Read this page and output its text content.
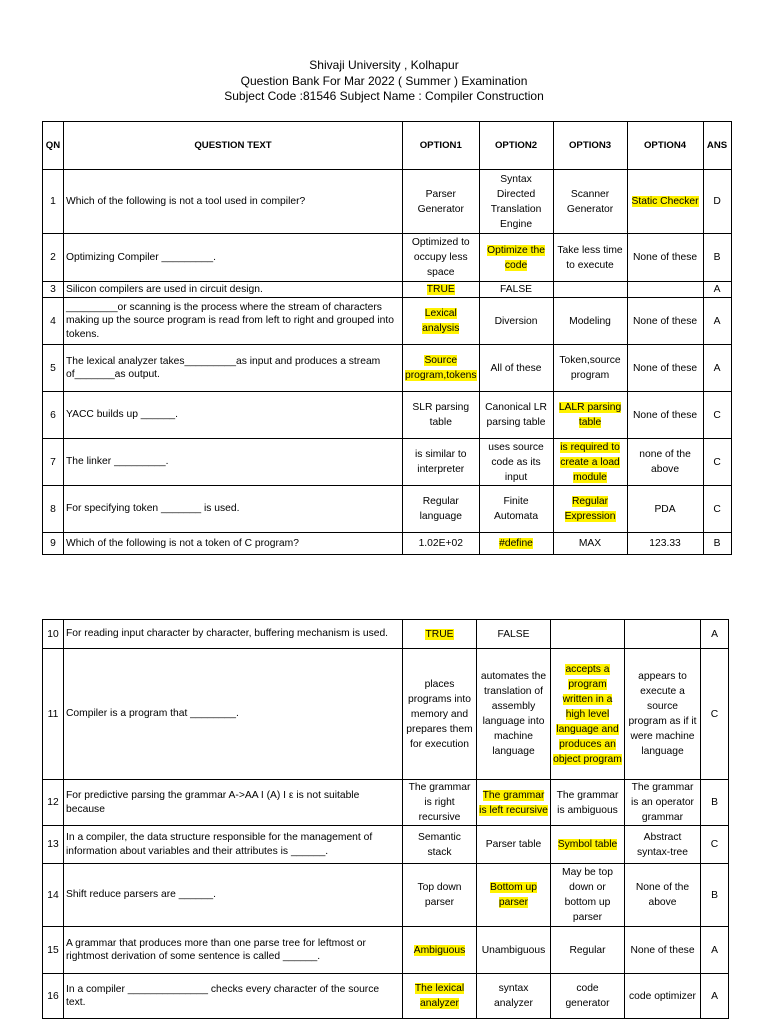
Shivaji University , Kolhapur
Question Bank For Mar 2022 ( Summer ) Examination
Subject Code :81546 Subject Name : Compiler Construction
QN	QUESTION TEXT	OPTION1	OPTION2	OPTION3	OPTION4	ANS
1	Which of the following is not a tool used in compiler?	Parser Generator	Syntax Directed Translation Engine	Scanner Generator	Static Checker	D
2	Optimizing Compiler _________.	Optimized to occupy less space	Optimize the code	Take less time to execute	None of these	B
3	Silicon compilers are used in circuit design.	TRUE	FALSE			A
4	_________or scanning is the process where the stream of characters making up the source program is read from left to right and grouped into tokens.	Lexical analysis	Diversion	Modeling	None of these	A
5	The lexical analyzer takes_________as input and produces a stream of_______as output.	Source program,tokens	All of these	Token,source program	None of these	A
6	YACC builds up ______.	SLR parsing table	Canonical LR parsing table	LALR parsing table	None of these	C
7	The linker _________.	is similar to interpreter	uses source code as its input	is required to create a load module	none of the above	C
8	For specifying token _______ is used.	Regular language	Finite Automata	Regular Expression	PDA	C
9	Which of the following is not a token of C program?	1.02E+02	#define	MAX	123.33	B
10	For reading input character by character, buffering mechanism is used.	TRUE	FALSE			A
11	Compiler is a program that ________.	places programs into memory and prepares them for execution	automates the translation of assembly language into machine language	accepts a program written in a high level language and produces an object program	appears to execute a source program as if it were machine language	C
12	For predictive parsing the grammar A->AA I (A) I ε is not suitable because	The grammar is right recursive	The grammar is left recursive	The grammar is ambiguous	The grammar is an operator grammar	B
13	In a compiler, the data structure responsible for the management of information about variables and their attributes is ______.	Semantic stack	Parser table	Symbol table	Abstract syntax-tree	C
14	Shift reduce parsers are ______.	Top down parser	Bottom up parser	May be top down or bottom up parser	None of the above	B
15	A grammar that produces more than one parse tree for leftmost or rightmost derivation of some sentence is called ______.	Ambiguous	Unambiguous	Regular	None of these	A
16	In a compiler ______________ checks every character of the source text.	The lexical analyzer	syntax analyzer	code generator	code optimizer	A
